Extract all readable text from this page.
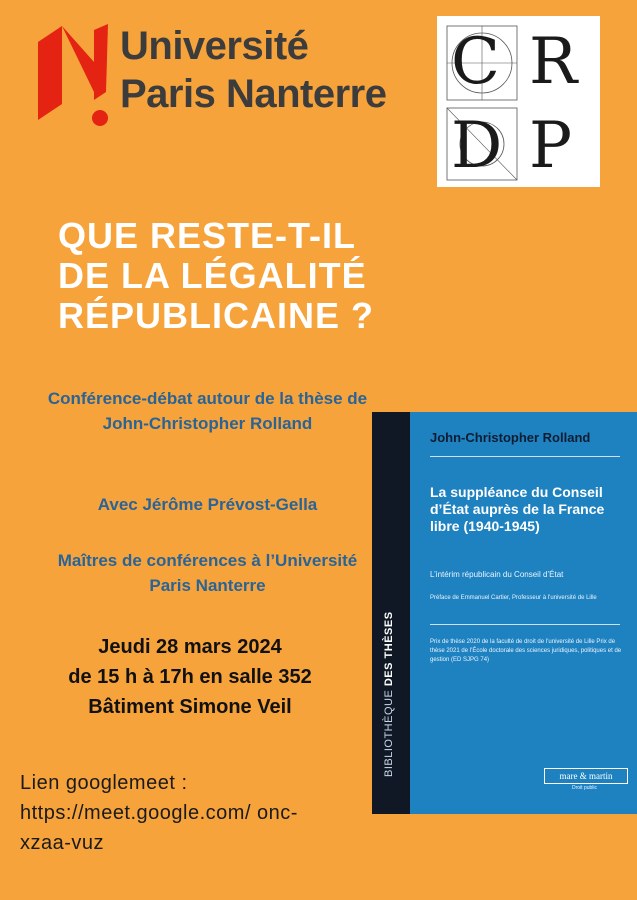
Université
Paris Nanterre C R
D P
QUE RESTE-T-IL
DE LA LÉGALITÉ
RÉPUBLICAINE ?
Conférence-débat autour de la thèse de John-Christopher Rolland
Avec Jérôme Prévost-Gella
Maîtres de conférences à l’Université Paris Nanterre
Jeudi 28 mars 2024
de 15 h à 17h en salle 352
Bâtiment Simone Veil
Lien googlemeet :
https://meet.google.com/ onc-xzaa-vuz
BIBLIOTHÈQUE DES THÈSES
John-Christopher Rolland
La suppléance du Conseil d’État auprès de la France libre (1940-1945)
L’intérim républicain du Conseil d’État
Préface de Emmanuel Cartier, Professeur à l’université de Lille
Prix de thèse 2020 de la faculté de droit de l’université de Lille Prix de thèse 2021 de l’École doctorale des sciences juridiques, politiques et de gestion (ED SJPG 74)
mare & martin
Droit public
